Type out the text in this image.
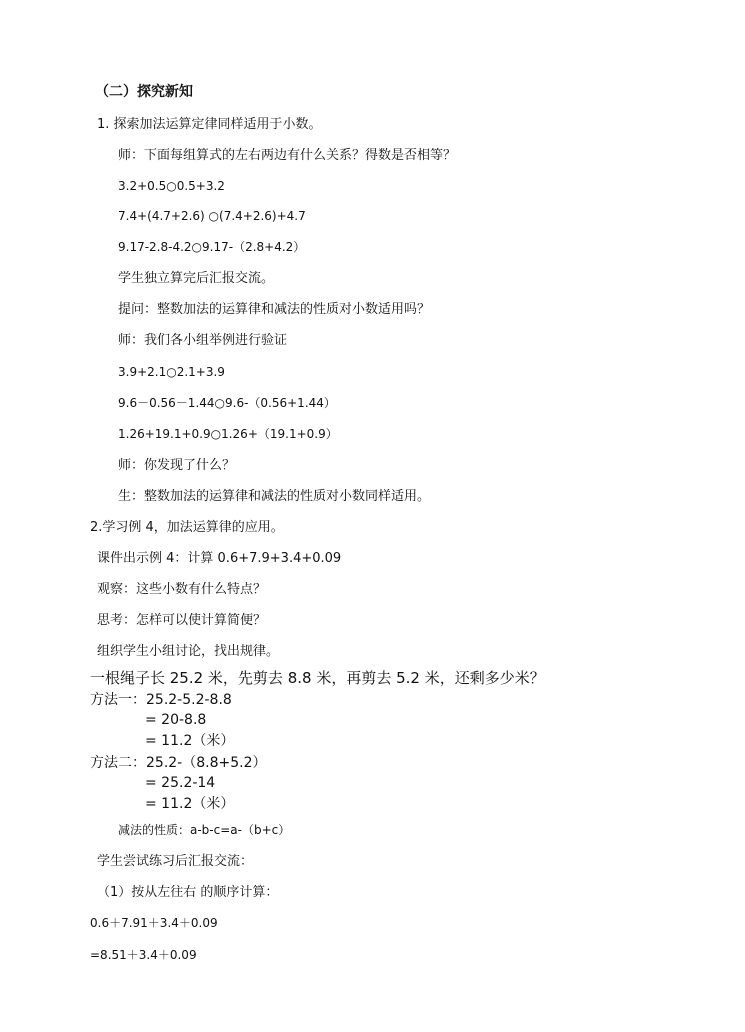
（二）探究新知
1. 探索加法运算定律同样适用于小数。
师：下面每组算式的左右两边有什么关系？得数是否相等？
3.2+0.5○0.5+3.2
7.4+(4.7+2.6) ○(7.4+2.6)+4.7
9.17-2.8-4.2○9.17-（2.8+4.2）
学生独立算完后汇报交流。
提问：整数加法的运算律和减法的性质对小数适用吗？
师：我们各小组举例进行验证
3.9+2.1○2.1+3.9
9.6－0.56－1.44○9.6-（0.56+1.44）
1.26+19.1+0.9○1.26+（19.1+0.9）
师：你发现了什么？
生：整数加法的运算律和减法的性质对小数同样适用。
2.学习例 4，加法运算律的应用。
课件出示例 4：计算 0.6+7.9+3.4+0.09
观察：这些小数有什么特点？
思考：怎样可以使计算简便？
组织学生小组讨论，找出规律。
一根绳子长 25.2 米，先剪去 8.8 米，再剪去 5.2 米，还剩多少米？
方法一：25.2-5.2-8.8
= 20-8.8
= 11.2（米）
方法二：25.2-（8.8+5.2）
= 25.2-14
= 11.2（米）
减法的性质：a-b-c=a-（b+c）
学生尝试练习后汇报交流：
（1）按从左往右 的顺序计算：
0.6＋7.91＋3.4＋0.09
=8.51＋3.4＋0.09
